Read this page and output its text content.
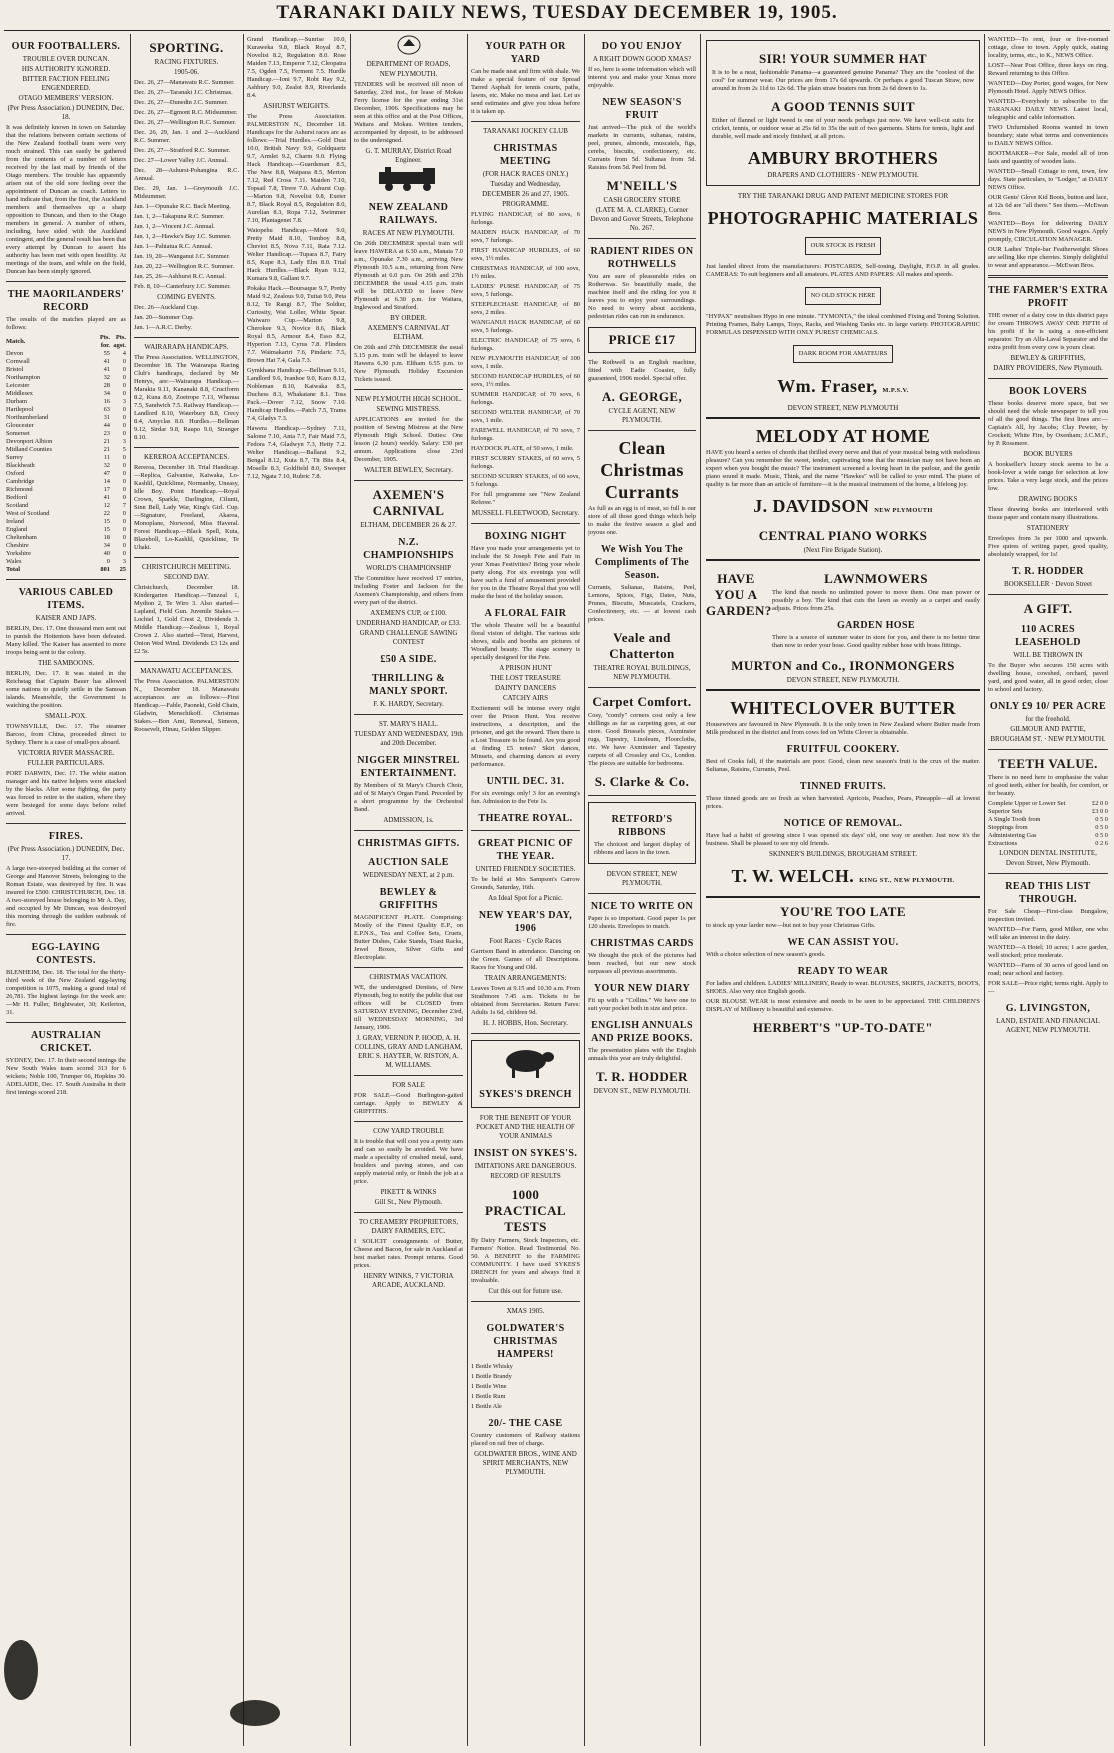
TARANAKI DAILY NEWS, TUESDAY DECEMBER 19, 1905.
OUR FOOTBALLERS.
TROUBLE OVER DUNCAN.
HIS AUTHORITY IGNORED.
BITTER FACTION FEELING ENGENDERED.
OTAGO MEMBERS' VERSION.
(Per Press Association.) DUNEDIN, Dec. 18.
It was definitely known in town on Saturday that the relations between certain sections of the New Zealand football team were very much strained. This can easily be gathered from the contents of a number of letters received by the last mail by friends of the Otago members. The trouble has apparently arisen out of the old sore feeling over the appointment of Duncan as coach. Letters to hand indicate that, from the first, the Auckland members and themselves up a sharp opposition to Duncan, and then to the Otago members in general. A number of others, including, have sided with the Auckland contingent, and the general result has been that every attempt by Duncan to assert his authority has been met with open hostility. At meetings of the team, and while on the field, Duncan has been simply ignored.
THE MAORILANDERS' RECORD
The results of the matches played are as follows:
Match.	Pts. for.	Pts. agst.
Devon	55	4
Cornwall	41	0
Bristol	41	0
Northampton	32	0
Leicester	28	0
Middlesex	34	0
Durham	16	3
Hartlepool	63	0
Northumberland	31	0
Gloucester	44	0
Somerset	23	0
Devonport Albion	21	3
Midland Counties	21	5
Surrey	11	0
Blackheath	32	0
Oxford	47	0
Cambridge	14	0
Richmond	17	0
Bedford	41	0
Scotland	12	7
West of Scotland	22	0
Ireland	15	0
England	15	0
Cheltenham	18	0
Cheshire	34	0
Yorkshire	40	0
Wales	0	3
Total	801	25
VARIOUS CABLED ITEMS.
KAISER AND JAPS.
BERLIN, Dec. 17. One thousand men sent out to punish the Hottentots have been defeated. Many killed. The Kaiser has assented to more troops being sent to the colony.
THE SAMBOONS.
BERLIN, Dec. 17. It was stated in the Reichstag that Captain Bauer has allowed some nations to quietly settle in the Samoan islands. Meanwhile, the Government is watching the position.
SMALL-POX.
TOWNSVILLE, Dec. 17. The steamer Barcoo, from China, proceeded direct to Sydney. There is a case of small-pox aboard.
VICTORIA RIVER MASSACRE.
FULLER PARTICULARS.
PORT DARWIN, Dec. 17. The white station manager and his native helpers were attacked by the blacks. After some fighting, the party was forced to retire to the station, where they were besieged for some days before relief arrived.
FIRES.
(Per Press Association.) DUNEDIN, Dec. 17.
A large two-storeyed building at the corner of George and Hanover Streets, belonging to the Roman Estate, was destroyed by fire. It was insured for £500. CHRISTCHURCH, Dec. 18. A two-storeyed house belonging to Mr A. Day, and occupied by Mr Duncan, was destroyed this morning through the sudden outbreak of fire.
EGG-LAYING CONTESTS.
BLENHEIM, Dec. 18. The total for the thirty-third week of the New Zealand egg-laying competition is 1075, making a grand total of 26,781. The highest layings for the week are:—Mr H. Fuller, Brightwater, 30; Keilerton, 31.
AUSTRALIAN CRICKET.
SYDNEY, Dec. 17. In their second innings the New South Wales team scored 313 for 6 wickets; Noble 100, Trumper 66, Hopkins 30. ADELAIDE, Dec. 17. South Australia in their first innings scored 218.
SPORTING.
RACING FIXTURES.
1905-06.
Dec. 26, 27—Manawatu R.C. Summer.
Dec. 26, 27—Taranaki J.C. Christmas.
Dec. 26, 27—Dunedin J.C. Summer.
Dec. 26, 27—Egmont R.C. Midsummer.
Dec. 26, 27—Wellington R.C. Summer.
Dec. 26, 29, Jan. 1 and 2—Auckland R.C. Summer.
Dec. 26, 27—Stratford R.C. Summer.
Dec. 27—Lower Valley J.C. Annual.
Dec. 28—Ashurst-Pohangina R.C. Annual.
Dec. 29, Jan. 1—Greymouth J.C. Midsummer.
Jan. 1—Opunake R.C. Back Meeting.
Jan. 1, 2—Takapuna R.C. Summer.
Jan. 1, 2—Vincent J.C. Annual.
Jan. 1, 2—Hawke's Bay J.C. Summer.
Jan. 1—Pahiatua R.C. Annual.
Jan. 19, 20—Wanganui J.C. Summer.
Jan. 20, 22—Wellington R.C. Summer.
Jan. 25, 26—Ashhurst R.C. Annual.
Feb. 8, 10—Canterbury J.C. Summer.
COMING EVENTS.
Dec. 26—Auckland Cup.
Jan. 20—Summer Cup.
Jan. 1—A.R.C. Derby.
WAIRARAPA HANDICAPS.
The Press Association. WELLINGTON, December 18. The Wairarapa Racing Club's handicaps, declared by Mr Henrys, are:—Wairarapa Handicap.—Marakia 9.11, Kananaki 8.8, Cruciform 8.2, Kuna 8.0, Zoetrope 7.13, Whenua 7.5, Sandwich 7.5. Railway Handicap.—Landlord 8.10, Waterbury 8.8, Crecy 8.4, Amyclas 8.0. Hurdles.—Bellman 9.12, Sirdar 9.8, Raupo 9.0, Stranger 8.10.
KEREROA ACCEPTANCES.
Rereroa, December 18. Trial Handicap.—Replica, Galvanise, Kaiwaka, Lo-Kashlil, Quicklime, Normanby, Uneasy, Idle Boy. Point Handicap.—Royal Crown, Sparkle, Darlington, Cilunit, Sinn Bell, Lady War, King's Girl. Cup.—Signature, Freeland, Akaroa, Monoplane, Norwood, Miss Haveral. Forest Handicap.—Black Spell, Kuta, Blazeboll, Lo-Kashlil, Quicklime, Te Uhaki.
CHRISTCHURCH MEETING.
SECOND DAY.
Christchurch, December 18. Kindergarten Handicap.—Tanzeal 1, Mydion 2, Te Wiro 3. Also started—Lapland, Field Gun. Juvenile Stakes.—Lochiel 1, Gold Crest 2, Dividends 3. Middle Handicap.—Zealous 1, Royal Crown 2. Also started—Terai, Harvest, Onion Wed Wind. Dividends £3 12s and £2 5s.
MANAWATU ACCEPTANCES.
The Press Association. PALMERSTON N., December 18. Manawatu acceptances are as follows:—First Handicap.—Fable, Paoneki, Gold Chain, Gladwin, Menschikoff. Christmas Stakes.—Bon Ami, Renewal, Simeon, Roosevelt, Hinau, Golden Slipper.
Grand Handicap.—Sunrise 10.0, Kuraweka 9.8, Black Royal 8.7, Novelist 8.2, Regulation 8.0. Rose Maiden 7.13, Emperor 7.12, Cleopatra 7.5, Ogden 7.5, Ferment 7.5. Hurdle Handicap.—Ioni 9.7, Robt Ray 9.2, Ashbury 9.0, Zealot 8.9, Riverlands 8.4.
ASHURST WEIGHTS.
The Press Association. PALMERSTON N., December 18. Handicaps for the Ashurst races are as follows:—Trial Hurdles.—Gold Dust 10.0, British Navy 9.9, Goldquartz 9.7, Armlet 9.2, Charm 9.0. Flying Hack Handicap.—Guardsman 8.5, The New 8.8, Waipaoa 8.5, Merton 7.12, Red Cross 7.11. Maiden 7.10, Topsail 7.8, Tirere 7.0. Ashurst Cup.—Marton 9.8, Novelist 9.8, Exeter 8.7, Black Royal 8.5, Regulation 8.0, Aurelian 8.3, Ropa 7.12, Swimmer 7.10, Plantagenet 7.8.
Waiopehu Handicap.—Mont 9.0, Pretty Maid 8.10, Tomboy 8.8, Cheviot 8.5, Nova 7.11, Rata 7.12. Welter Handicap.—Tupara 8.7, Fairy 8.5, Kupe 8.3, Lady Elm 8.0. Trial Hack Hurdles.—Black Ryan 9.12, Kumara 9.8, Gallant 9.7.
Pokaka Hack.—Boursaque 9.7, Pretty Maid 9.2, Zealous 9.0, Tuitai 9.0, Peta 8.12, Te Rangi 8.7, The Soldier, Curiosity, Wai Loller, White Spear. Waiwaro Cup.—Marton 9.8, Cherokee 9.3, Novice 8.6, Black Royal 8.5, Armour 8.4, Esso 8.2, Hyperion 7.13, Cyrus 7.8. Flinders 7.7. Waimakariri 7.6, Pindaric 7.5, Brown Hat 7.4, Gala 7.3.
Gymkhana Handicap.—Bellman 9.11, Landlord 9.6, Ivanhoe 9.0, Karo 8.12, Nobleman 8.10, Kaiwaka 8.5, Duchess 8.3, Whakatane 8.1. Toss Pack.—Dover 7.12, Snow 7.10. Handicap Hurdles.—Patch 7.5, Trams 7.4, Gladys 7.3.
Hawera Handicap.—Sydney 7.11, Salome 7.10, Anta 7.7, Fair Maid 7.5, Fedora 7.4, Gladwyn 7.3, Hetty 7.2. Welter Handicap.—Ballarat 9.2, Bengal 8.12, Kuta 8.7, Tit Bits 8.4, Moselle 8.3, Goldfield 8.0, Sweeper 7.12, Ngata 7.10, Rubric 7.8.
DEPARTMENT OF ROADS,
NEW PLYMOUTH.
TENDERS will be received till noon of Saturday, 23rd inst., for lease of Mokau Ferry license for the year ending 31st December, 1906. Specifications may be seen at this office and at the Post Offices, Waitara and Mokau. Written tenders, accompanied by deposit, to be addressed to the undersigned.
G. T. MURRAY, District Road Engineer.
NEW ZEALAND RAILWAYS.
RACES AT NEW PLYMOUTH.
On 26th DECEMBER special train will leave HAWERA at 6.30 a.m., Manaia 7.0 a.m., Opunake 7.30 a.m., arriving New Plymouth 10.5 a.m., returning from New Plymouth at 6.0 p.m. On 26th and 27th DECEMBER the usual 4.15 p.m. train will be DELAYED to leave New Plymouth at 6.30 p.m. for Waitara, Inglewood and Stratford.
BY ORDER.
AXEMEN'S CARNIVAL AT ELTHAM.
On 26th and 27th DECEMBER the usual 5.15 p.m. train will be delayed to leave Hawera 6.30 p.m. Eltham 6.55 p.m. to New Plymouth. Holiday Excursion Tickets issued.
NEW PLYMOUTH HIGH SCHOOL.
SEWING MISTRESS.
APPLICATIONS are invited for the position of Sewing Mistress at the New Plymouth High School. Duties: One lesson (2 hours) weekly. Salary: £30 per annum. Applications close 23rd December, 1905.
WALTER BEWLEY, Secretary.
AXEMEN'S CARNIVAL
ELTHAM, DECEMBER 26 & 27.
N.Z. CHAMPIONSHIPS
WORLD'S CHAMPIONSHIP
The Committee have received 17 entries, including Foster and Jackson for the Axemen's Championship, and others from every part of the district.
AXEMEN'S CUP, or £100.
UNDERHAND HANDICAP, or £33.
GRAND CHALLENGE SAWING CONTEST
£50 A SIDE.
THRILLING & MANLY SPORT.
F. K. HARDY, Secretary.
ST. MARY'S HALL.
TUESDAY AND WEDNESDAY, 19th and 20th December.
NIGGER MINSTREL ENTERTAINMENT.
By Members of St Mary's Church Choir, aid of St Mary's Organ Fund. Preceded by a short programme by the Orchestral Band.
ADMISSION, 1s.
CHRISTMAS GIFTS.
AUCTION SALE
WEDNESDAY NEXT, at 2 p.m.
BEWLEY & GRIFFITHS
MAGNIFICENT PLATE. Comprising: Mostly of the Finest Quality E.P., on E.P.N.S., Tea and Coffee Sets, Cruets, Butter Dishes, Cake Stands, Toast Racks, Jewel Boxes, Silver Gifts and Electroplate.
CHRISTMAS VACATION.
WE, the undersigned Dentists, of New Plymouth, beg to notify the public that our offices will be CLOSED from SATURDAY EVENING, December 23rd, till WEDNESDAY MORNING, 3rd January, 1906.
J. GRAY, VERNON P. HOOD, A. H. COLLINS, GRAY AND LANGHAM, ERIC S. HAYTER, W. RISTON, A. M. WILLIAMS.
FOR SALE
FOR SALE—Good Burlington-gaited carriage. Apply to BEWLEY & GRIFFITHS.
COW YARD TROUBLE
It is trouble that will cost you a pretty sum and can so easily be avoided. We have made a speciality of crushed metal, sand, boulders and paving stones, and can supply material only, or finish the job at a price.
PIKETT & WINKS
Gill St., New Plymouth.
TO CREAMERY PROPRIETORS, DAIRY FARMERS, ETC.
I SOLICIT consignments of Butter, Cheese and Bacon, for sale in Auckland at best market rates. Prompt returns. Good prices.
HENRY WINKS, 7 VICTORIA ARCADE, AUCKLAND.
YOUR PATH OR YARD
Can be made neat and firm with shale. We make a special feature of our Spread Tarred Asphalt for tennis courts, paths, lawns, etc. Make no mess and last. Let us send estimates and give you ideas before it is taken up.
TARANAKI JOCKEY CLUB
CHRISTMAS MEETING
(FOR HACK RACES ONLY.)
Tuesday and Wednesday,
DECEMBER 26 and 27, 1905.
PROGRAMME.
FLYING HANDICAP, of 80 sovs, 6 furlongs.
MAIDEN HACK HANDICAP, of 70 sovs, 7 furlongs.
FIRST HANDICAP HURDLES, of 60 sovs, 1½ miles.
CHRISTMAS HANDICAP, of 100 sovs, 1½ miles.
LADIES' PURSE HANDICAP, of 75 sovs, 5 furlongs.
STEEPLECHASE HANDICAP, of 80 sovs, 2 miles.
WANGANUI HACK HANDICAP, of 60 sovs, 5 furlongs.
ELECTRIC HANDICAP, of 75 sovs, 6 furlongs.
NEW PLYMOUTH HANDICAP, of 100 sovs, 1 mile.
SECOND HANDICAP HURDLES, of 60 sovs, 1½ miles.
SUMMER HANDICAP, of 70 sovs, 6 furlongs.
SECOND WELTER HANDICAP, of 70 sovs, 1 mile.
FAREWELL HANDICAP, of 70 sovs, 7 furlongs.
HAYDOCK PLATE, of 50 sovs, 1 mile.
FIRST SCURRY STAKES, of 60 sovs, 5 furlongs.
SECOND SCURRY STAKES, of 60 sovs, 5 furlongs.
For full programme see "New Zealand Referee."
MUSSELL FLEETWOOD, Secretary.
BOXING NIGHT
Have you made your arrangements yet to include the St Joseph Fete and Fair in your Xmas Festivities? Bring your whole party along. For six evenings you will have such a fund of amusement provided for you in the Theatre Royal that you will make the best of the holiday season.
A FLORAL FAIR
The whole Theatre will be a beautiful floral vision of delight. The various side shows, stalls and booths are pictures of Woodland beauty. The stage scenery is specially designed for the Fete.
A PRISON HUNT
THE LOST TREASURE
DAINTY DANCERS
CATCHY AIRS
Excitement will be intense every night over the Prison Hunt. You receive instructions, a description, and the prisoner, and get the reward. Then there is a Lost Treasure to be found. Are you good at finding £5 notes? Skirt dances, Minuets, and charming dances at every performance.
UNTIL DEC. 31.
For six evenings only! 3 for an evening's fun. Admission to the Fete 1s.
THEATRE ROYAL.
GREAT PICNIC OF THE YEAR.
UNITED FRIENDLY SOCIETIES.
To be held at Mrs Sampson's Carrow Grounds, Saturday, 16th.
An Ideal Spot for a Picnic.
NEW YEAR'S DAY, 1906
Foot Races · Cycle Races
Garrison Band in attendance. Dancing on the Green. Games of all Descriptions. Races for Young and Old.
TRAIN ARRANGEMENTS:
Leaves Town at 9.15 and 10.30 a.m. From Strathmore 7.45 a.m. Tickets to be obtained from Secretaries. Return Fares: Adults 1s 6d, children 9d.
H. J. HOBBS, Hon. Secretary.
SYKES'S DRENCH
FOR THE BENEFIT OF YOUR POCKET AND THE HEALTH OF YOUR ANIMALS
INSIST ON SYKES'S.
IMITATIONS ARE DANGEROUS.
RECORD OF RESULTS
1000 PRACTICAL TESTS
By Dairy Farmers, Stock Inspectors, etc. Farmers' Notice. Read Testimonial No. 50. A BENEFIT to the FARMING COMMUNITY. I have used SYKES'S DRENCH for years and always find it invaluable.
Cut this out for future use.
XMAS 1905.
GOLDWATER'S CHRISTMAS HAMPERS!
1 Bottle Whisky
1 Bottle Brandy
1 Bottle Wine
1 Bottle Rum
1 Bottle Ale
20/- THE CASE
Country customers of Railway stations placed on rail free of charge.
GOLDWATER BROS., WINE AND SPIRIT MERCHANTS, NEW PLYMOUTH.
DO YOU ENJOY
A RIGHT DOWN GOOD XMAS?
If so, here is some information which will interest you and make your Xmas more enjoyable.
NEW SEASON'S FRUIT
Just arrived—The pick of the world's markets in currants, sultanas, raisins, peel, prunes, almonds, muscatels, figs, cerebs, biscuits, confectionery, etc. Currants from 5d. Sultanas from 5d. Raisins from 5d. Peel from 9d.
M'NEILL'S
CASH GROCERY STORE
(LATE M. A. CLARKE), Corner Devon and Gover Streets, Telephone No. 267.
RADIENT RIDES ON ROTHWELLS
You are sure of pleasurable rides on Rotherwas. So beautifully made, the machine itself and the riding for you it leaves you to enjoy your surroundings. No need to worry about accidents, pedestrian rides can run in endurance.
PRICE £17
The Rothwell is an English machine, fitted with Eadie Coaster, fully guaranteed, 1906 model. Special offer.
A. GEORGE,
CYCLE AGENT, NEW PLYMOUTH.
Clean Christmas Currants
As full as an egg is of meat, so full is our store of all those good things which help to make the festive season a glad and joyous one.
We Wish You The Compliments of The Season.
Currants, Sultanas, Raisins, Peel, Lemons, Spices, Figs, Dates, Nuts, Prunes, Biscuits, Muscatels, Crackers, Confectionery, etc. — at lowest cash prices.
Veale and Chatterton
THEATRE ROYAL BUILDINGS, NEW PLYMOUTH.
Carpet Comfort.
Cosy, "comfy" corners cost only a few shillings as far as carpeting goes, at our store. Good Brussels pieces, Axminster rugs, Tapestry, Linoleum, Floorcloths, etc. We have Axminster and Tapestry carpets of all Crossley and Co., London. The pieces are suitable for bedrooms.
S. Clarke & Co.
RETFORD'S RIBBONS
The choicest and largest display of ribbons and laces in the town.
DEVON STREET, NEW PLYMOUTH.
NICE TO WRITE ON
Paper is so important. Good paper 1s per 120 sheets. Envelopes to match.
CHRISTMAS CARDS
We thought the pick of the pictures had been reached, but our new stock surpasses all previous assortments.
YOUR NEW DIARY
Fit up with a "Collins." We have one to suit your pocket both in size and price.
ENGLISH ANNUALS AND PRIZE BOOKS.
The presentation plates with the English annuals this year are truly delightful.
T. R. HODDER
DEVON ST., NEW PLYMOUTH.
SIR! YOUR SUMMER HAT
It is to be a neat, fashionable Panama—a guaranteed genuine Panama? They are the "coolest of the cool" for summer wear. Our prices are from 17s 6d upwards. Or perhaps a good Tuscan Straw, now around in from 2s 11d to 12s 6d. The plain straw boaters run from 2s 6d down to 1s.
A GOOD TENNIS SUIT
Either of flannel or light tweed is one of your needs perhaps just now. We have well-cut suits for cricket, tennis, or outdoor wear at 25s 6d to 35s the suit of two garments. Shirts for tennis, light and durable, well made and nicely finished, at all prices.
AMBURY BROTHERS
DRAPERS AND CLOTHIERS · NEW PLYMOUTH.
TRY THE TARANAKI DRUG AND PATENT MEDICINE STORES FOR
PHOTOGRAPHIC MATERIALS
OUR STOCK IS FRESH
Just landed direct from the manufacturers: POSTCARDS, Self-toning, Daylight, P.O.P. in all grades. CAMERAS: To suit beginners and all amateurs. PLATES AND PAPERS: All makes and speeds.
NO OLD STOCK HERE
"HYPAX" neutralises Hypo in one minute. "TYMONTA," the ideal combined Fixing and Toning Solution. Printing Frames, Baby Lamps, Trays, Racks, and Washing Tanks etc. in large variety. PHOTOGRAPHIC FORMULAS DISPENSED WITH ONLY PUREST CHEMICALS.
DARK ROOM FOR AMATEURS
Wm. Fraser, M.P.S.V.
DEVON STREET, NEW PLYMOUTH
MELODY AT HOME
HAVE you heard a series of chords that thrilled every nerve and that of your musical being with melodious pleasure? Can you remember the sweet, tender, captivating tone that the musician may not have been an expert when you bought the music? The instrument screened a loving heart in the parlour, and the gentle piano sound it made. Music, Think, and the name "Hawkes" will be called to your mind. The piano of quality is far more than an article of furniture—it is the musical instrument of the home, a lifelong joy.
J. DAVIDSON NEW PLYMOUTH
CENTRAL PIANO WORKS
(Next Fire Brigade Station).
HAVE YOU A GARDEN?
LAWNMOWERS
The kind that needs no unlimited power to move them. One man power or possibly a boy. The kind that cuts the lawn as evenly as a carpet and easily adjusts. Prices from 25s.
GARDEN HOSE
There is a source of summer water in store for you, and there is no better time than now to order your hose. Good quality rubber hose with brass fittings.
MURTON and Co., IRONMONGERS
DEVON STREET, NEW PLYMOUTH.
WHITECLOVER BUTTER
Housewives are favoured in New Plymouth. It is the only town in New Zealand where Butter made from Milk produced in the district and from cows fed on White Clover is obtainable.
FRUITFUL COOKERY.
Best of Cooks fall, if the materials are poor. Good, clean new season's fruit is the crux of the matter. Sultanas, Raisins, Currants, Peel.
TINNED FRUITS.
These tinned goods are so fresh as when harvested. Apricots, Peaches, Pears, Pineapple—all at lowest prices.
NOTICE OF REMOVAL.
Have had a habit of growing since I was opened six days' old, one way or another. Just now it's the business. Shall be pleased to see my old friends.
SKINNER'S BUILDINGS, BROUGHAM STREET.
T. W. WELCH. KING ST., NEW PLYMOUTH.
YOU'RE TOO LATE
to stock up your larder now—but not to buy your Christmas Gifts.
WE CAN ASSIST YOU.
With a choice selection of new season's goods.
READY TO WEAR
For ladies and children. LADIES' MILLINERY, Ready to wear. BLOUSES, SKIRTS, JACKETS, BOOTS, SHOES. Also very nice English goods.
OUR BLOUSE WEAR is most extensive and needs to be seen to be appreciated. THE CHILDREN'S DISPLAY of Millinery is beautiful and extensive.
HERBERT'S "UP-TO-DATE"
WANTED—To rent, four or five-roomed cottage, close to town. Apply quick, stating locality, terms, etc., to K., NEWS Office.
LOST—Near Post Office, three keys on ring. Reward returning to this Office.
WANTED—Day Porter, good wages, for New Plymouth Hotel. Apply NEWS Office.
WANTED—Everybody to subscribe to the TARANAKI DAILY NEWS. Latest local, telegraphic and cable information.
TWO Unfurnished Rooms wanted in town boundary; state what terms and conveniences to DAILY NEWS Office.
BOOTMAKER—For Sale, model all of iron lasts and quantity of wooden lasts.
WANTED—Small Cottage to rent, town, few days. State particulars, to "Lodger," at DAILY NEWS Office.
OUR Gents' Glove Kid Boots, button and lace, at 12s 6d are "all there." See them.—McEwan Bros.
WANTED—Boys for delivering DAILY NEWS in New Plymouth. Good wages. Apply promptly, CIRCULATION MANAGER.
OUR Ladies' Triple-bar Featherweight Shoes are selling like ripe cherries. Simply delightful to wear and appearance.—McEwan Bros.
THE FARMER'S EXTRA PROFIT
THE owner of a dairy cow in this district pays for cream THROWS AWAY ONE FIFTH of his profit if he is using a non-efficient separator. Try an Alfa-Laval Separator and the extra profit from every cow is yours clear.
BEWLEY & GRIFFITHS,
DAIRY PROVIDERS, New Plymouth.
BOOK LOVERS
These books deserve more space, but we should need the whole newspaper to tell you of all the good things. The first lines are:—Captain's All, by Jacobs; Clay Pewter, by Crockett; White Fire, by Oxenham; J.C.M.F., by P. Rossmere.
BOOK BUYERS
A bookseller's luxury stock seems to be a book-lover a wide range for selection at low prices. Take a very large stock, and the prices low.
DRAWING BOOKS
These drawing books are interleaved with tissue paper and contain many illustrations.
STATIONERY
Envelopes from 3s per 1000 and upwards. Five quires of writing paper, good quality, absolutely wrapped, for 1s!
T. R. HODDER
BOOKSELLER · Devon Street
A GIFT.
110 ACRES LEASEHOLD
WILL BE THROWN IN
To the Buyer who secures 150 acres with dwelling house, cowshed, orchard, paved yard, and good water, all in good order, close to school and factory.
ONLY £9 10/ PER ACRE
for the freehold.
GILMOUR AND PATTIE,
BROUGHAM ST. · NEW PLYMOUTH.
TEETH VALUE.
There is no need here to emphasise the value of good teeth, either for health, for comfort, or for beauty.
Complete Upper or Lower Set	£2 0 0
Superior Sets	£3 0 0
A Single Tooth from	0 5 0
Stoppings from	0 5 0
Administering Gas	0 5 0
Extractions	0 2 6
LONDON DENTAL INSTITUTE,
Devon Street, New Plymouth.
READ THIS LIST THROUGH.
For Sale Cheap—First-class Bungalow, inspection invited.
WANTED—For Farm, good Milker, one who will take an interest in the dairy.
WANTED—A Hotel; 10 acres; 1 acre garden, well stocked; price moderate.
WANTED—Farm of 30 acres of good land on road; near school and factory.
FOR SALE—Price right; terms right. Apply to—
G. LIVINGSTON,
LAND, ESTATE AND FINANCIAL AGENT, NEW PLYMOUTH.
